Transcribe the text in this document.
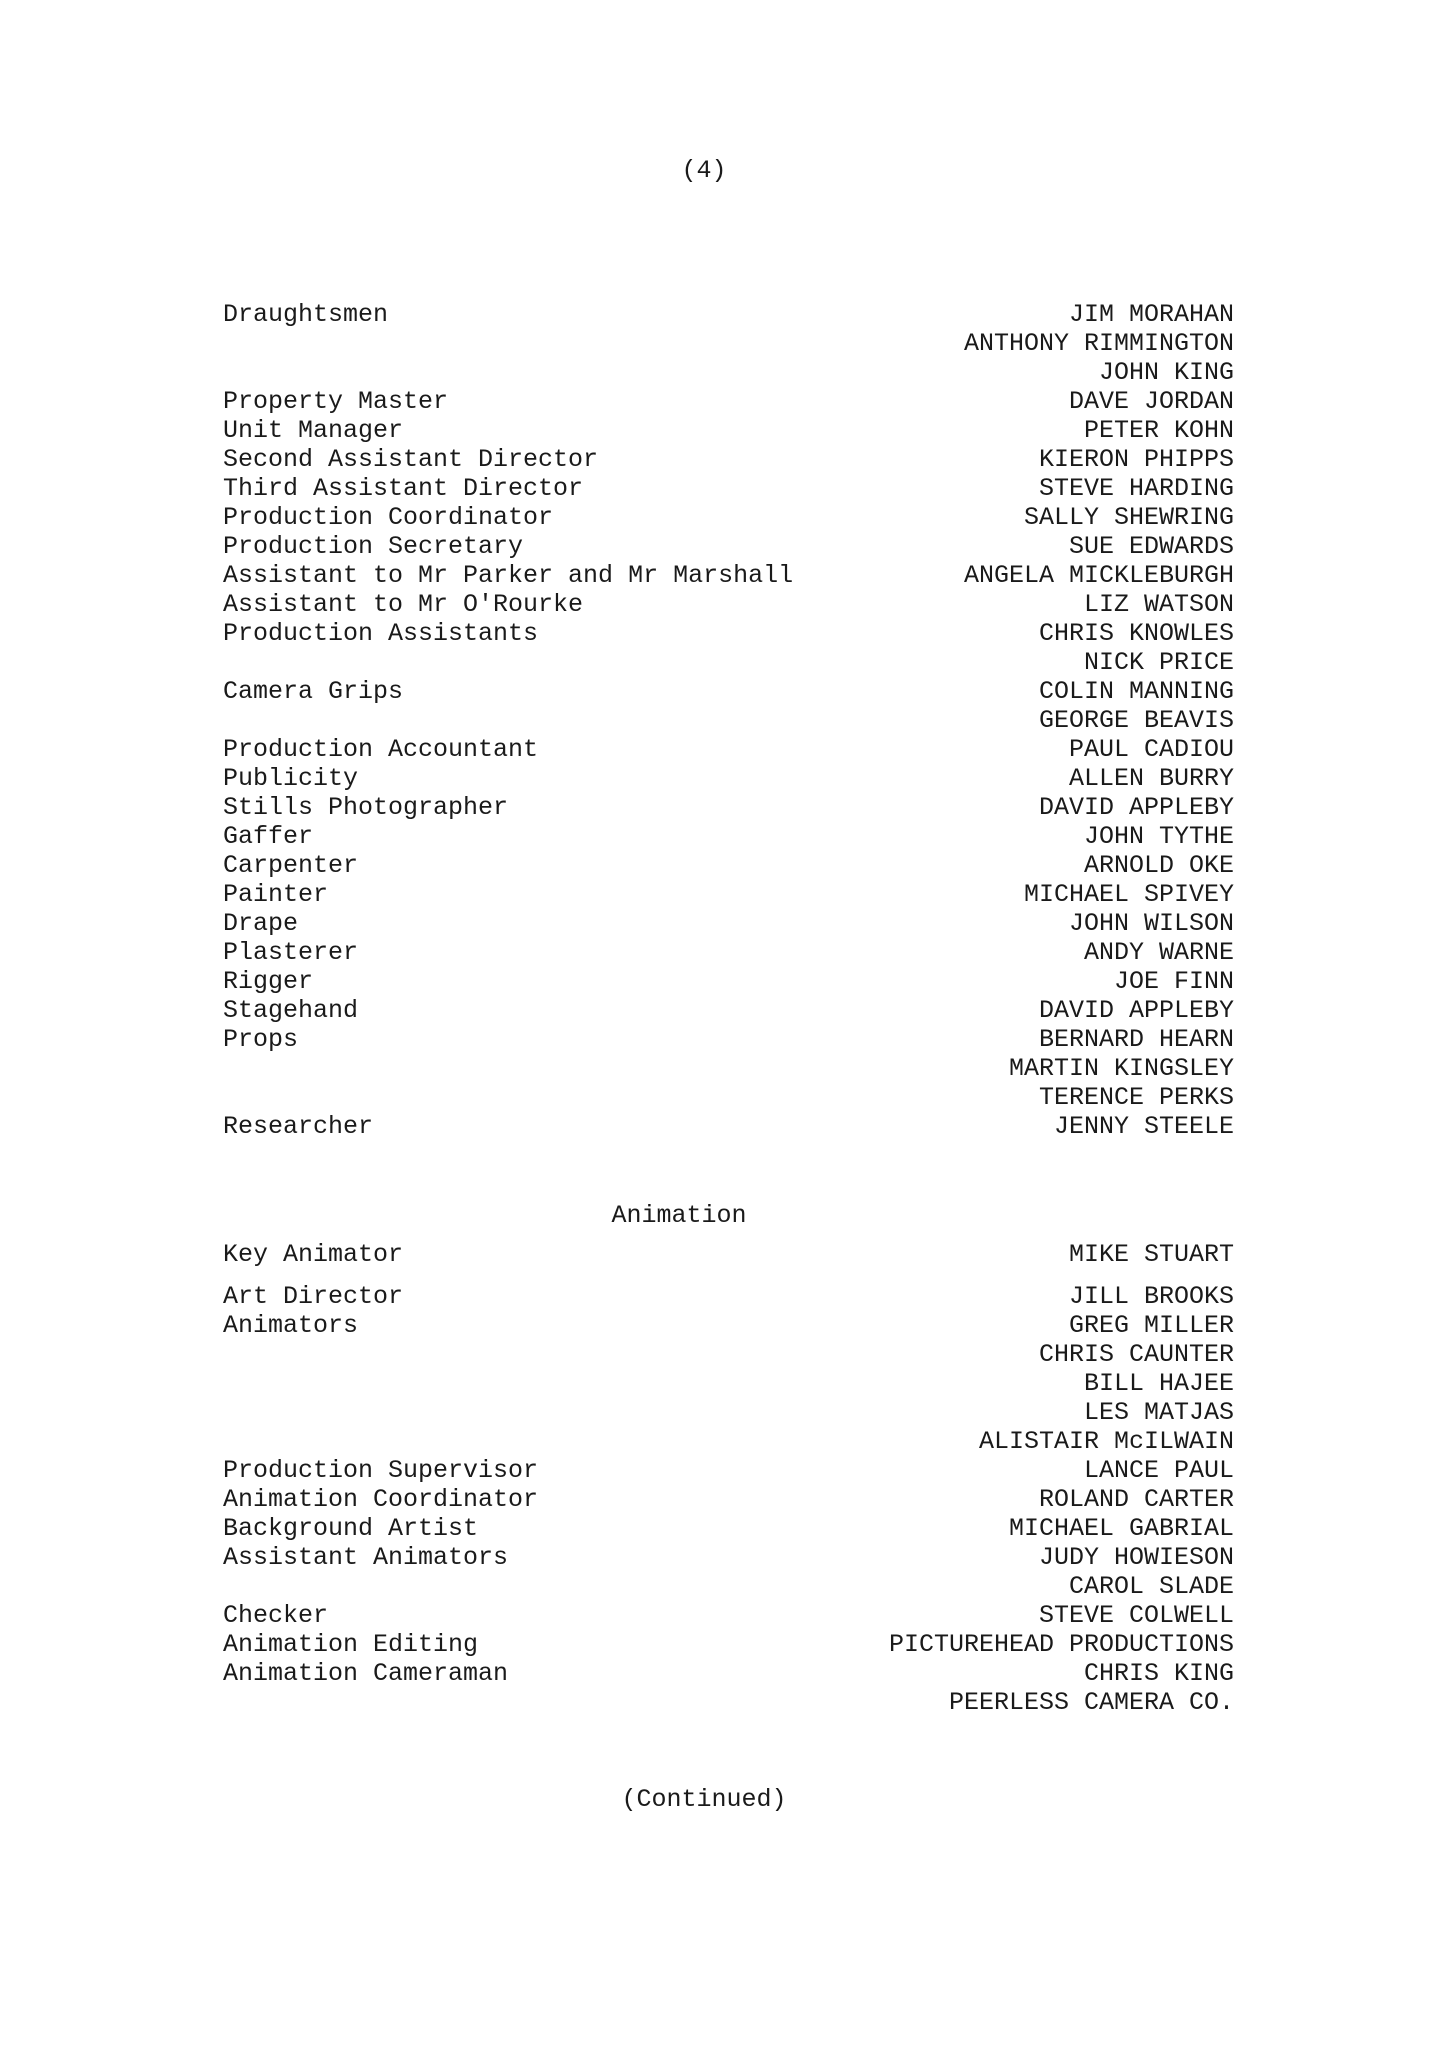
(4)
Draughtsmen	JIM MORAHAN
ANTHONY RIMMINGTON
JOHN KING
Property Master	DAVE JORDAN
Unit Manager	PETER KOHN
Second Assistant Director	KIERON PHIPPS
Third Assistant Director	STEVE HARDING
Production Coordinator	SALLY SHEWRING
Production Secretary	SUE EDWARDS
Assistant to Mr Parker and Mr Marshall	ANGELA MICKLEBURGH
Assistant to Mr O'Rourke	LIZ WATSON
Production Assistants	CHRIS KNOWLES
NICK PRICE
Camera Grips	COLIN MANNING
GEORGE BEAVIS
Production Accountant	PAUL CADIOU
Publicity	ALLEN BURRY
Stills Photographer	DAVID APPLEBY
Gaffer	JOHN TYTHE
Carpenter	ARNOLD OKE
Painter	MICHAEL SPIVEY
Drape	JOHN WILSON
Plasterer	ANDY WARNE
Rigger	JOE FINN
Stagehand	DAVID APPLEBY
Props	BERNARD HEARN
MARTIN KINGSLEY
TERENCE PERKS
Researcher	JENNY STEELE
Animation
Key Animator	MIKE STUART
Art Director	JILL BROOKS
Animators	GREG MILLER
CHRIS CAUNTER
BILL HAJEE
LES MATJAS
ALISTAIR McILWAIN
Production Supervisor	LANCE PAUL
Animation Coordinator	ROLAND CARTER
Background Artist	MICHAEL GABRIAL
Assistant Animators	JUDY HOWIESON
CAROL SLADE
Checker	STEVE COLWELL
Animation Editing	PICTUREHEAD PRODUCTIONS
Animation Cameraman	CHRIS KING
PEERLESS CAMERA CO.
(Continued)
